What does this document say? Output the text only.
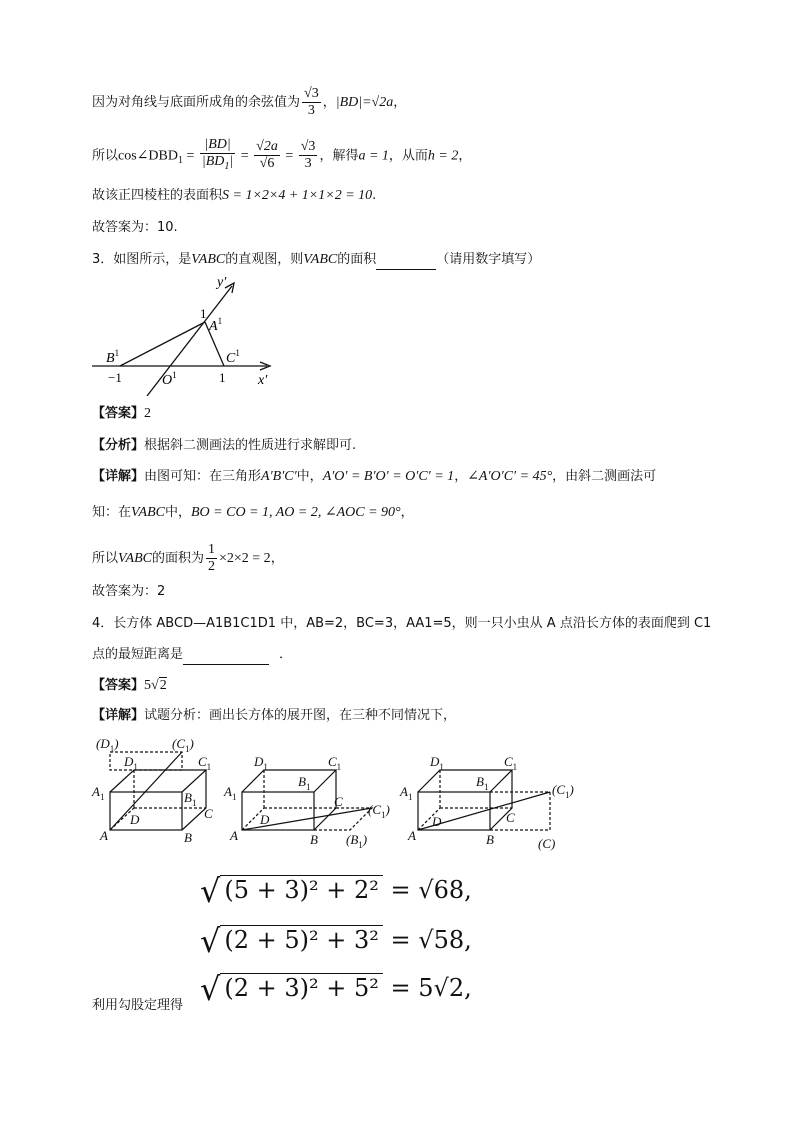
因为对角线与底面所成角的余弦值为 $\frac{√3}{3}$ ，|BD|=√2a，
所以$\cos\angle DBD_1 = \frac{|BD|}{|BD_1|} = \frac{√2a}{√6} = \frac{√3}{3}$ ，解得a = 1，从而h = 2，
故该正四棱柱的表面积S = 1×2×4 + 1×1×2 = 10.
故答案为：10.
3．如图所示，是VABC的直观图，则VABC的面积	（请用数字填写）
y′
x′
1
$A^1$
$B^1$	$C^1$
−1	$O^1$	1
【答案】2
【分析】根据斜二测画法的性质进行求解即可.
【详解】由图可知：在三角形A′B′C′中，A′O′ = B′O′ = O′C′ = 1，∠A′O′C′ = 45°，由斜二测画法可
知：在VABC中，BO = CO = 1, AO = 2, ∠AOC = 90°，
所以VABC的面积为 $\frac{1}{2} \times 2\times 2 = 2$，
故答案为：2
4．长方体 ABCD—A1B1C1D1 中，AB=2，BC=3，AA1=5，则一只小虫从 A 点沿长方体的表面爬到 C1
点的最短距离是	．
【答案】5√2
【详解】试题分析：画出长方体的展开图，在三种不同情况下，
$(D_1)$	$(C_1)$
$D_1$	$C_1$
$A_1$	$B_1$
D	C
A	B
$D_1$	$C_1$
$A_1$
$B_1$
D
C
A	B
$(C_1)$
$(B_1)$
$D_1$	$C_1$
$A_1$
$B_1$
D	C
A	B
$(C_1)$
(C)
√ (5 + 3)² + 2² = √68,
√ (2 + 5)² + 3² = √58,
√ (2 + 3)² + 5² = 5√2,
利用勾股定理得
